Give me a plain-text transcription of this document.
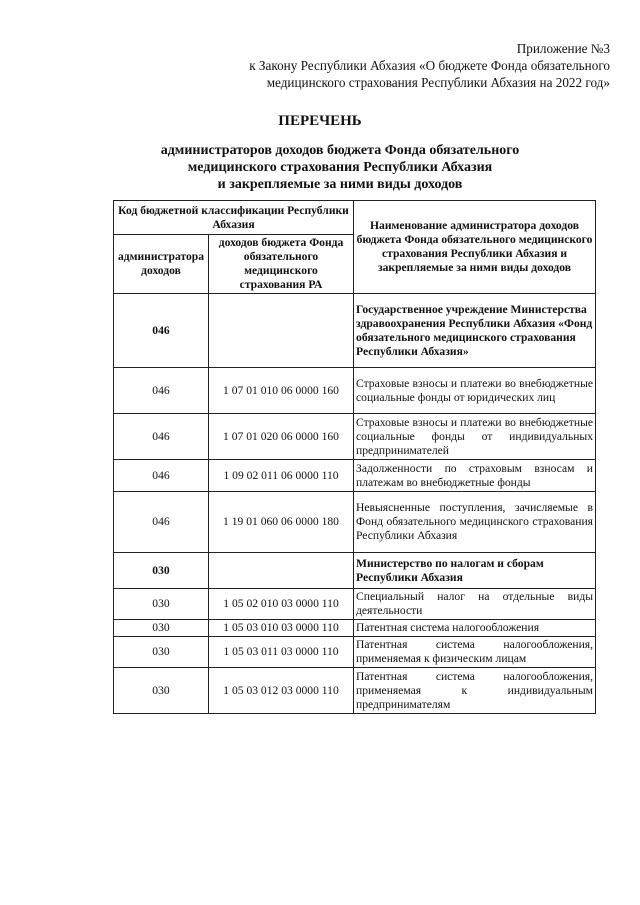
Приложение №3
к Закону Республики Абхазия «О бюджете Фонда обязательного
медицинского страхования Республики Абхазия на 2022 год»
ПЕРЕЧЕНЬ
администраторов доходов бюджета Фонда обязательного
медицинского страхования Республики Абхазия
и закрепляемые за ними виды доходов
Код бюджетной классификации Республики Абхазия		Наименование администратора доходов бюджета Фонда обязательного медицинского страхования Республики Абхазия и закрепляемые за ними виды доходов
администратора доходов	доходов бюджета Фонда обязательного медицинского страхования РА	
046		Государственное учреждение Министерства здравоохранения Республики Абхазия «Фонд обязательного медицинского страхования Республики Абхазия»
046	1 07 01 010 06 0000 160	Страховые взносы и платежи во внебюджетные социальные фонды от юридических лиц
046	1 07 01 020 06 0000 160	Страховые взносы и платежи во внебюджетные социальные фонды от индивидуальных предпринимателей
046	1 09 02 011 06 0000 110	Задолженности по страховым взносам и платежам во внебюджетные фонды
046	1 19 01 060 06 0000 180	Невыясненные поступления, зачисляемые в Фонд обязательного медицинского страхования Республики Абхазия
030		Министерство по налогам и сборам Республики Абхазия
030	1 05 02 010 03 0000 110	Специальный налог на отдельные виды деятельности
030	1 05 03 010 03 0000 110	Патентная система налогообложения
030	1 05 03 011 03 0000 110	Патентная система налогообложения, применяемая к физическим лицам
030	1 05 03 012 03 0000 110	Патентная система налогообложения, применяемая к индивидуальным предпринимателям
